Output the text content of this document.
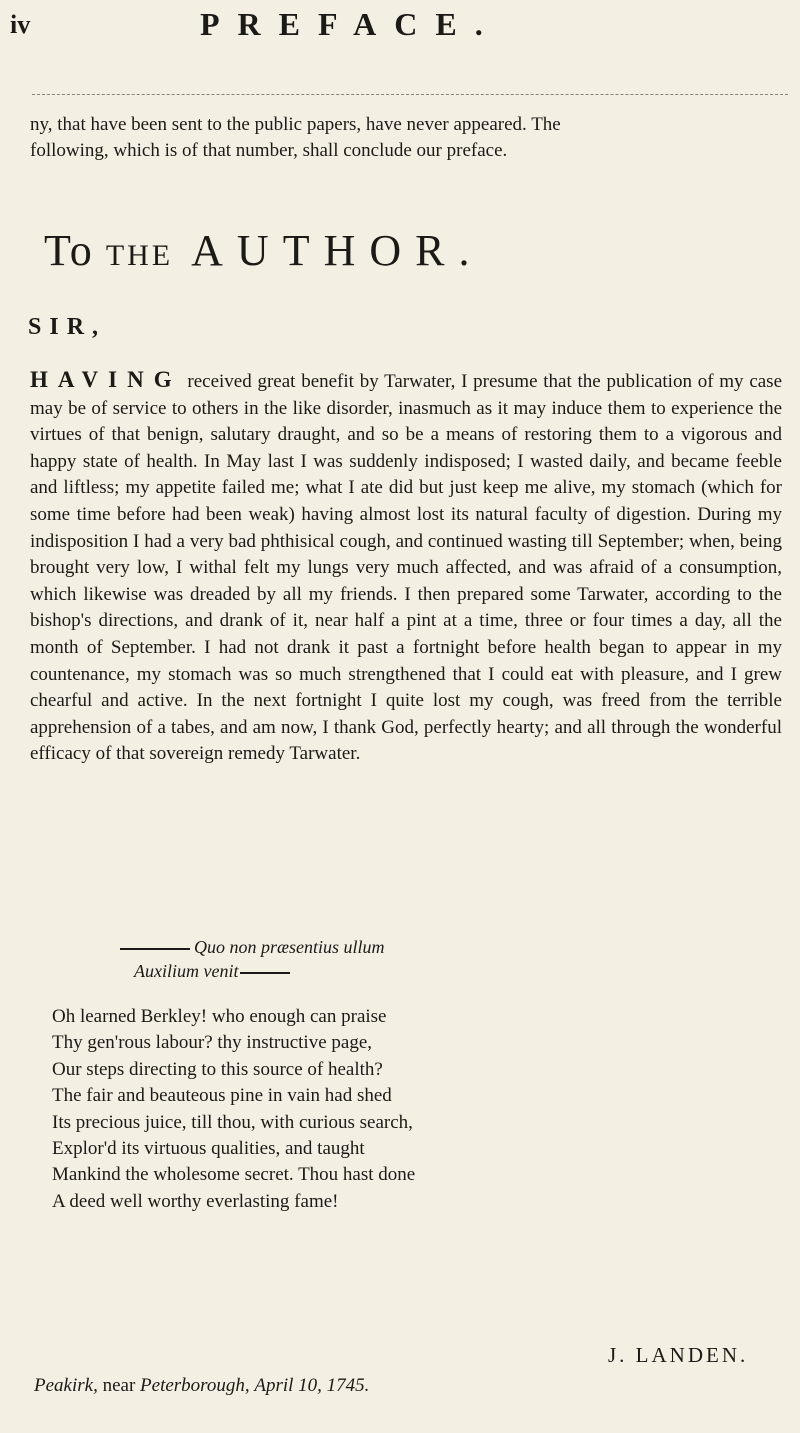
iv	PREFACE.
ny, that have been sent to the public papers, have never appeared. The
following, which is of that number, shall conclude our preface.
To THE AUTHOR.
SIR,
HAVING received great benefit by Tarwater, I presume that the publication of my case may be of service to others in the like disorder, inasmuch as it may induce them to experience the virtues of that benign, salutary draught, and so be a means of restoring them to a vigorous and happy state of health. In May last I was suddenly indisposed; I wasted daily, and became feeble and liftless; my appetite failed me; what I ate did but just keep me alive, my stomach (which for some time before had been weak) having almost lost its natural faculty of digestion. During my indisposition I had a very bad phthisical cough, and continued wasting till September; when, being brought very low, I withal felt my lungs very much affected, and was afraid of a consumption, which likewise was dreaded by all my friends. I then prepared some Tarwater, according to the bishop's directions, and drank of it, near half a pint at a time, three or four times a day, all the month of September. I had not drank it past a fortnight before health began to appear in my countenance, my stomach was so much strengthened that I could eat with pleasure, and I grew chearful and active. In the next fortnight I quite lost my cough, was freed from the terrible apprehension of a tabes, and am now, I thank God, perfectly hearty; and all through the wonderful efficacy of that sovereign remedy Tarwater.
Quo non præsentius ullum
Auxilium venit
Oh learned Berkley! who enough can praise
Thy gen'rous labour? thy instructive page,
Our steps directing to this source of health?
The fair and beauteous pine in vain had shed
Its precious juice, till thou, with curious search,
Explor'd its virtuous qualities, and taught
Mankind the wholesome secret. Thou hast done
A deed well worthy everlasting fame!
J. LANDEN.
Peakirk, near Peterborough, April 10, 1745.
